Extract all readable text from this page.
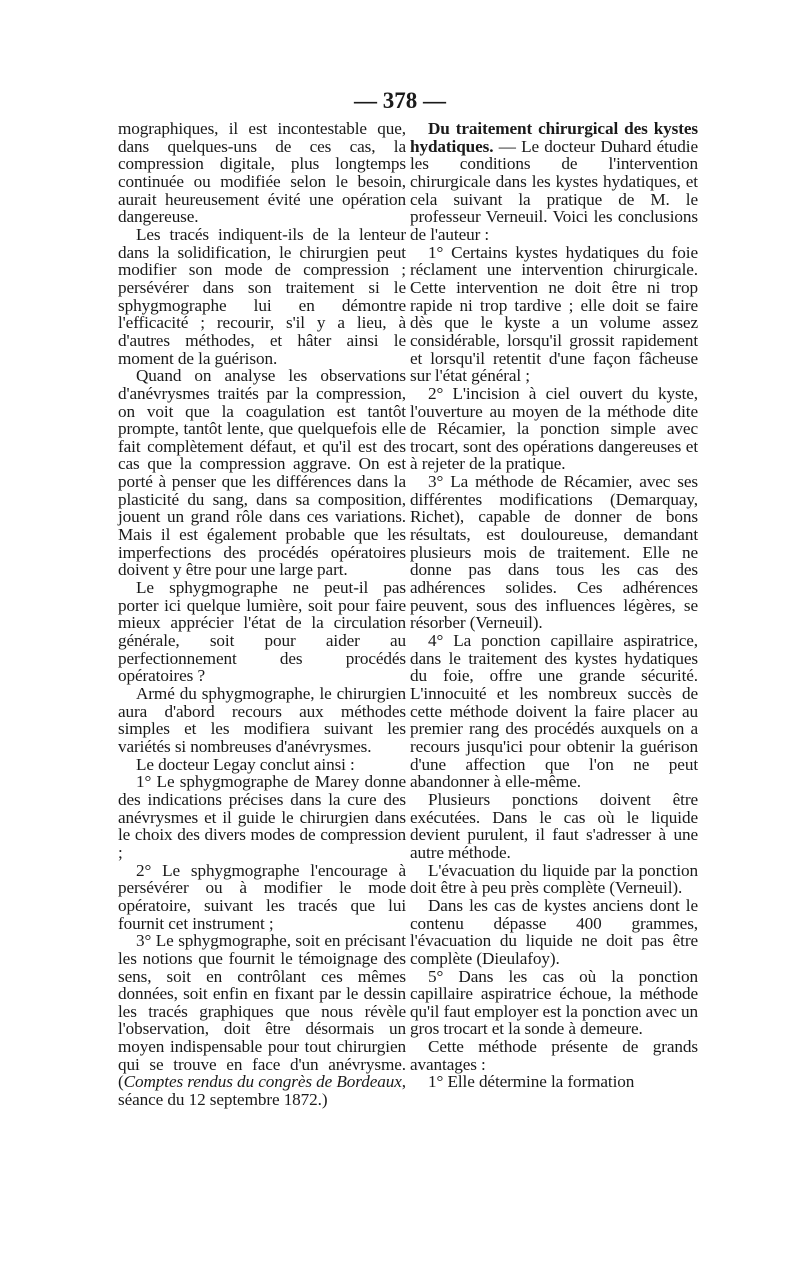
— 378 —

mographiques, il est incontestable que, dans quelques-uns de ces cas, la compression digitale, plus longtemps continuée ou modifiée selon le besoin, aurait heureusement évité une opération dangereuse.

Les tracés indiquent-ils de la lenteur dans la solidification, le chirurgien peut modifier son mode de compression ; persévérer dans son traitement si le sphygmographe lui en démontre l'efficacité ; recourir, s'il y a lieu, à d'autres méthodes, et hâter ainsi le moment de la guérison.

Quand on analyse les observations d'anévrysmes traités par la compression, on voit que la coagulation est tantôt prompte, tantôt lente, que quelquefois elle fait complètement défaut, et qu'il est des cas que la compression aggrave. On est porté à penser que les différences dans la plasticité du sang, dans sa composition, jouent un grand rôle dans ces variations. Mais il est également probable que les imperfections des procédés opératoires doivent y être pour une large part.

Le sphygmographe ne peut-il pas porter ici quelque lumière, soit pour faire mieux apprécier l'état de la circulation générale, soit pour aider au perfectionnement des procédés opératoires ?

Armé du sphygmographe, le chirurgien aura d'abord recours aux méthodes simples et les modifiera suivant les variétés si nombreuses d'anévrysmes.

Le docteur Legay conclut ainsi :

1° Le sphygmographe de Marey donne des indications précises dans la cure des anévrysmes et il guide le chirurgien dans le choix des divers modes de compression ;

2° Le sphygmographe l'encourage à persévérer ou à modifier le mode opératoire, suivant les tracés que lui fournit cet instrument ;

3° Le sphygmographe, soit en précisant les notions que fournit le témoignage des sens, soit en contrôlant ces mêmes données, soit enfin en fixant par le dessin les tracés graphiques que nous révèle l'observation, doit être désormais un moyen indispensable pour tout chirurgien qui se trouve en face d'un anévrysme. (Comptes rendus du congrès de Bordeaux, séance du 12 septembre 1872.)

Du traitement chirurgical des kystes hydatiques. — Le docteur Duhard étudie les conditions de l'intervention chirurgicale dans les kystes hydatiques, et cela suivant la pratique de M. le professeur Verneuil. Voici les conclusions de l'auteur :

1° Certains kystes hydatiques du foie réclament une intervention chirurgicale. Cette intervention ne doit être ni trop rapide ni trop tardive ; elle doit se faire dès que le kyste a un volume assez considérable, lorsqu'il grossit rapidement et lorsqu'il retentit d'une façon fâcheuse sur l'état général ;

2° L'incision à ciel ouvert du kyste, l'ouverture au moyen de la méthode dite de Récamier, la ponction simple avec trocart, sont des opérations dangereuses et à rejeter de la pratique.

3° La méthode de Récamier, avec ses différentes modifications (Demarquay, Richet), capable de donner de bons résultats, est douloureuse, demandant plusieurs mois de traitement. Elle ne donne pas dans tous les cas des adhérences solides. Ces adhérences peuvent, sous des influences légères, se résorber (Verneuil).

4° La ponction capillaire aspiratrice, dans le traitement des kystes hydatiques du foie, offre une grande sécurité. L'innocuité et les nombreux succès de cette méthode doivent la faire placer au premier rang des procédés auxquels on a recours jusqu'ici pour obtenir la guérison d'une affection que l'on ne peut abandonner à elle-même.

Plusieurs ponctions doivent être exécutées. Dans le cas où le liquide devient purulent, il faut s'adresser à une autre méthode.

L'évacuation du liquide par la ponction doit être à peu près complète (Verneuil).

Dans les cas de kystes anciens dont le contenu dépasse 400 grammes, l'évacuation du liquide ne doit pas être complète (Dieulafoy).

5° Dans les cas où la ponction capillaire aspiratrice échoue, la méthode qu'il faut employer est la ponction avec un gros trocart et la sonde à demeure.

Cette méthode présente de grands avantages :

1° Elle détermine la formation
